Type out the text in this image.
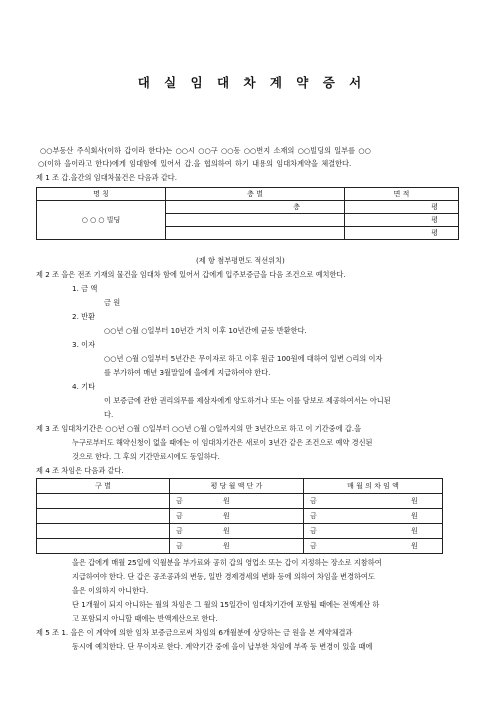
대 실 임 대 차 계 약 증 서
○○부동산 주식회사(이하 갑이라 한다)는 ○○시 ○○구 ○○동 ○○번지 소재의 ○○빌딩의 일부를 ○○
○(이하 을이라고 한다)에게 임대함에 있어서 갑․을 협의하여 하기 내용의 임대차계약을 체결한다.
제 1 조 갑․을간의 임대차물건은 다음과 같다.
명 칭	층 별	면 적
○ ○ ○ 빌딩	층	평
		평
		평
(제 항 첨부평면도 적선위치)
제 2 조 을은 전조 기재의 물건을 임대차 함에 있어서 갑에게 입주보증금을 다음 조건으로 예치한다.
1. 금 액
금 원
2. 반환
○○년 ○월 ○일부터 10년간 거치 이후 10년간에 균등 반환한다.
3. 이자
○○년 ○월 ○일부터 5년간은 무이자로 하고 이후 원금 100원에 대하여 일변 ○리의 이자
를 부가하여 매년 3월말일에 을에게 지급하여야 한다.
4. 기타
이 보증금에 관한 권리의무를 제삼자에게 양도하거나 또는 이를 담보로 제공하여서는 아니된
다.
제 3 조 임대차기간은 ○○년 ○월 ○일부터 ○○년 ○월 ○일까지의 만 3년간으로 하고 이 기간중에 갑․을
누구로부터도 해약신청이 없을 때에는 이 임대차기간은 새로이 3년간 같은 조건으로 예약 경신된
것으로 한다. 그 후의 기간만료시에도 동일하다.
제 4 조 차임은 다음과 같다.
구 별	평 당 월 액 단 가	매 월 의 차 임 액
	금 원	금 원
	금 원	금 원
	금 원	금 원
	금 원	금 원
을은 갑에게 매월 25일에 익월분을 부가료와 공히 갑의 영업소 또는 갑이 지정하는 장소로 지참하여
지급하여야 한다. 단 갑은 공조공과의 변동, 일반 경제경세의 변화 등에 의하여 차임을 변경하여도
을은 이의하지 아니한다.
단 1개월이 되지 아니하는 월의 차임은 그 월의 15일간이 임대차기간에 포함될 때에는 전액계산 하
고 포함되지 아니할 때에는 반액계산으로 한다.
제 5 조 1. 을은 이 계약에 의한 임차 보증금으로써 차임의 6개월분에 상당하는 금 원을 본 계약체결과
동시에 예치한다. 단 무이자로 한다. 계약기간 중에 을이 납부한 차임에 부족 등 변경이 있을 때에
